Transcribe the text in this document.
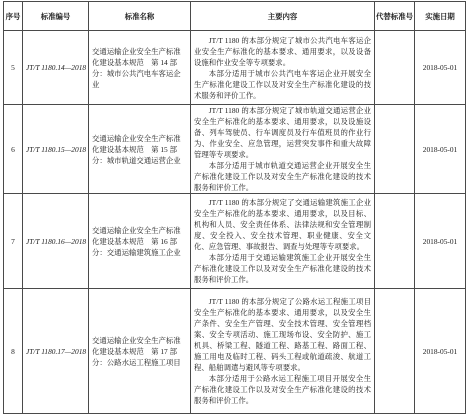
序号	标准编号	标准名称	主要内容	代替标准号	实施日期
5	JT/T 1180.14—2018	交通运输企业安全生产标准化建设基本规范　第 14 部分：城市公共汽电车客运企业	JT/T 1180 的本部分规定了城市公共汽电车客运企业安全生产标准化的基本要求、通用要求，以及设备设施和作业安全等专项要求。

本部分适用于城市公共汽电车客运企业开展安全生产标准化建设工作以及对安全生产标准化建设的技术服务和评价工作。		2018-05-01
6	JT/T 1180.15—2018	交通运输企业安全生产标准化建设基本规范　第 15 部分：城市轨道交通运营企业	JT/T 1180 的本部分规定了城市轨道交通运营企业安全生产标准化的基本要求、通用要求，以及设施设备、列车驾驶员、行车调度员及行车值班员的作业行为、作业安全、应急管理，运营突发事件和重大故障管理等专项要求。

本部分适用于城市轨道交通运营企业开展安全生产标准化建设工作以及对安全生产标准化建设的技术服务和评价工作。		2018-05-01
7	JT/T 1180.16—2018	交通运输企业安全生产标准化建设基本规范　第 16 部分：交通运输建筑施工企业	JT/T 1180 的本部分规定了交通运输建筑施工企业安全生产标准化的基本要求、通用要求，以及目标、机构和人员、安全责任体系、法律法规和安全管理制度、安全投入、安全技术管理、职业健康、安全文化、应急管理、事故报告、调查与处理等专项要求。

本部分适用于交通运输建筑施工企业开展安全生产标准化建设工作以及对安全生产标准化建设的技术服务和评价工作。		2018-05-01
8	JT/T 1180.17—2018	交通运输企业安全生产标准化建设基本规范　第 17 部分：公路水运工程施工项目	JT/T 1180 的本部分规定了公路水运工程施工项目安全生产标准化的基本要求、通用要求，以及安全生产条件、安全生产管理、安全技术管理、安全管理档案、安全专项活动、施工现场布设、安全防护、施工机具、桥梁工程、隧道工程、路基工程、路面工程、施工用电及临时工程、码头工程或航道疏浚、航道工程、船舶调遣与避风等专项要求。

本部分适用于公路水运工程施工项目开展安全生产标准化建设工作以及对安全生产标准化建设的技术服务和评价工作。		2018-05-01
